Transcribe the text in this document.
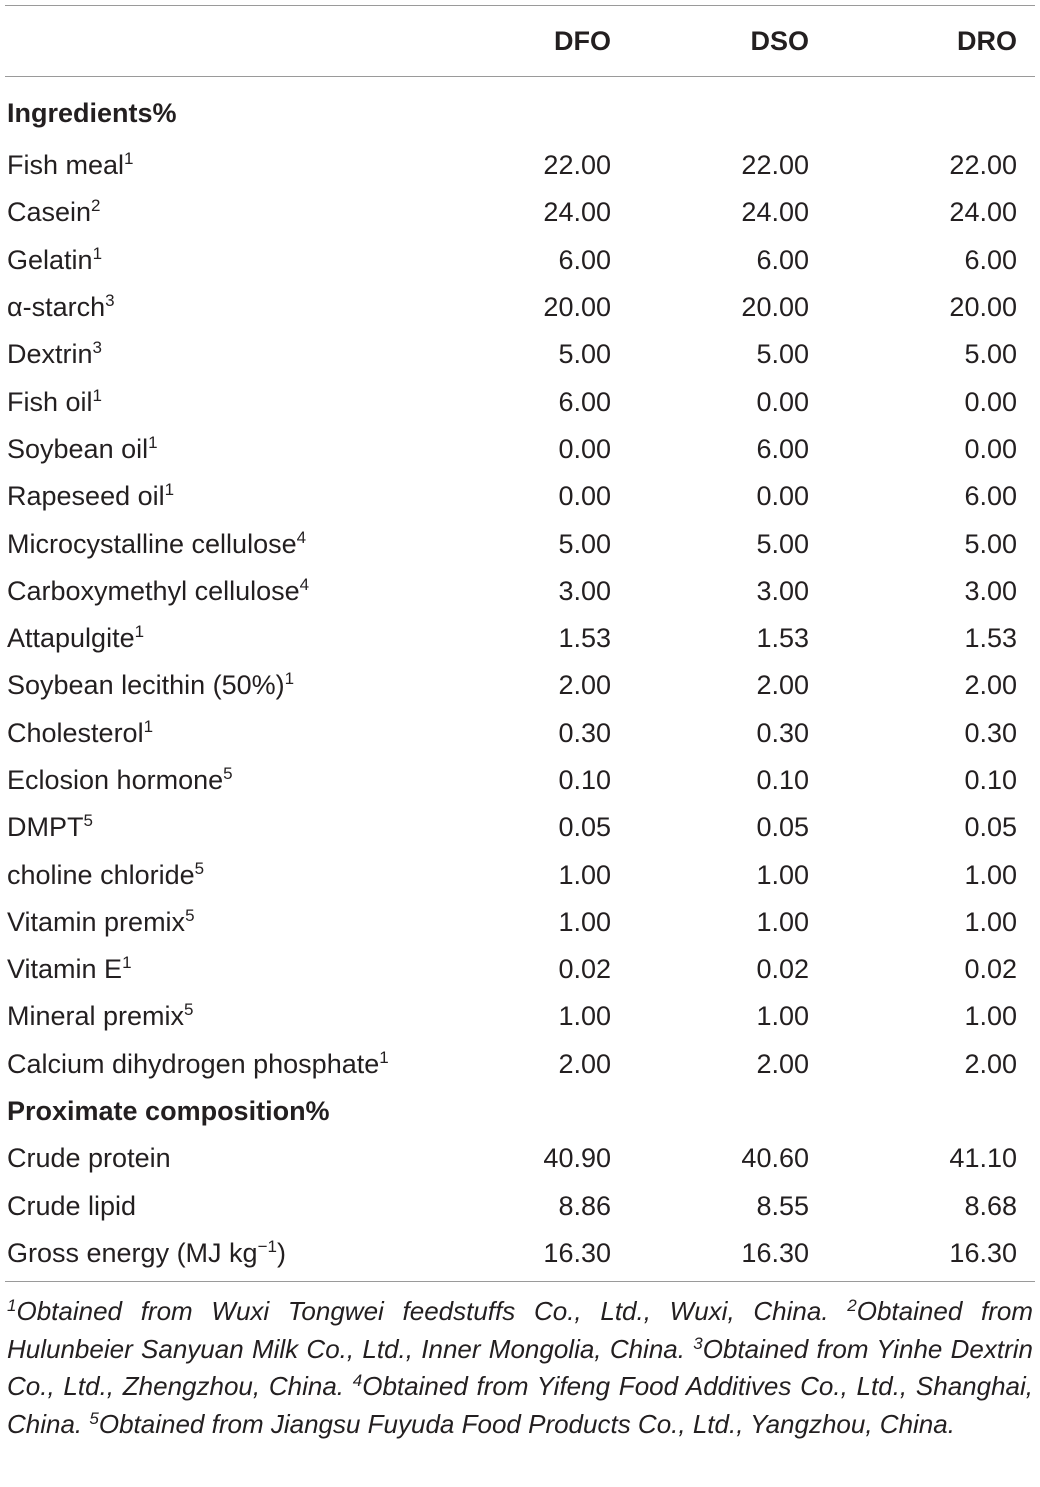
	DFO	DSO	DRO
Ingredients%			
Fish meal$^1$	22.00	22.00	22.00
Casein$^2$	24.00	24.00	24.00
Gelatin$^1$	6.00	6.00	6.00
α-starch$^3$	20.00	20.00	20.00
Dextrin$^3$	5.00	5.00	5.00
Fish oil$^1$	6.00	0.00	0.00
Soybean oil$^1$	0.00	6.00	0.00
Rapeseed oil$^1$	0.00	0.00	6.00
Microcystalline cellulose$^4$	5.00	5.00	5.00
Carboxymethyl cellulose$^4$	3.00	3.00	3.00
Attapulgite$^1$	1.53	1.53	1.53
Soybean lecithin $(50\%)^1$	2.00	2.00	2.00
Cholesterol$^1$	0.30	0.30	0.30
Eclosion hormone$^5$	0.10	0.10	0.10
DMPT$^5$	0.05	0.05	0.05
choline chloride$^5$	1.00	1.00	1.00
Vitamin premix$^5$	1.00	1.00	1.00
Vitamin $E^1$	0.02	0.02	0.02
Mineral premix$^5$	1.00	1.00	1.00
Calcium dihydrogen phosphate$^1$	2.00	2.00	2.00
Proximate composition%			
Crude protein	40.90	40.60	41.10
Crude lipid	8.86	8.55	8.68
Gross energy (MJ $kg^{-1}$)	16.30	16.30	16.30
$^1$Obtained from Wuxi Tongwei feedstuffs Co., Ltd., Wuxi, China. $^2$Obtained from Hulunbeier Sanyuan Milk Co., Ltd., Inner Mongolia, China. $^3$Obtained from Yinhe Dextrin Co., Ltd., Zhengzhou, China. $^4$Obtained from Yifeng Food Additives Co., Ltd., Shanghai, China. $^5$Obtained from Jiangsu Fuyuda Food Products Co., Ltd., Yangzhou, China.
